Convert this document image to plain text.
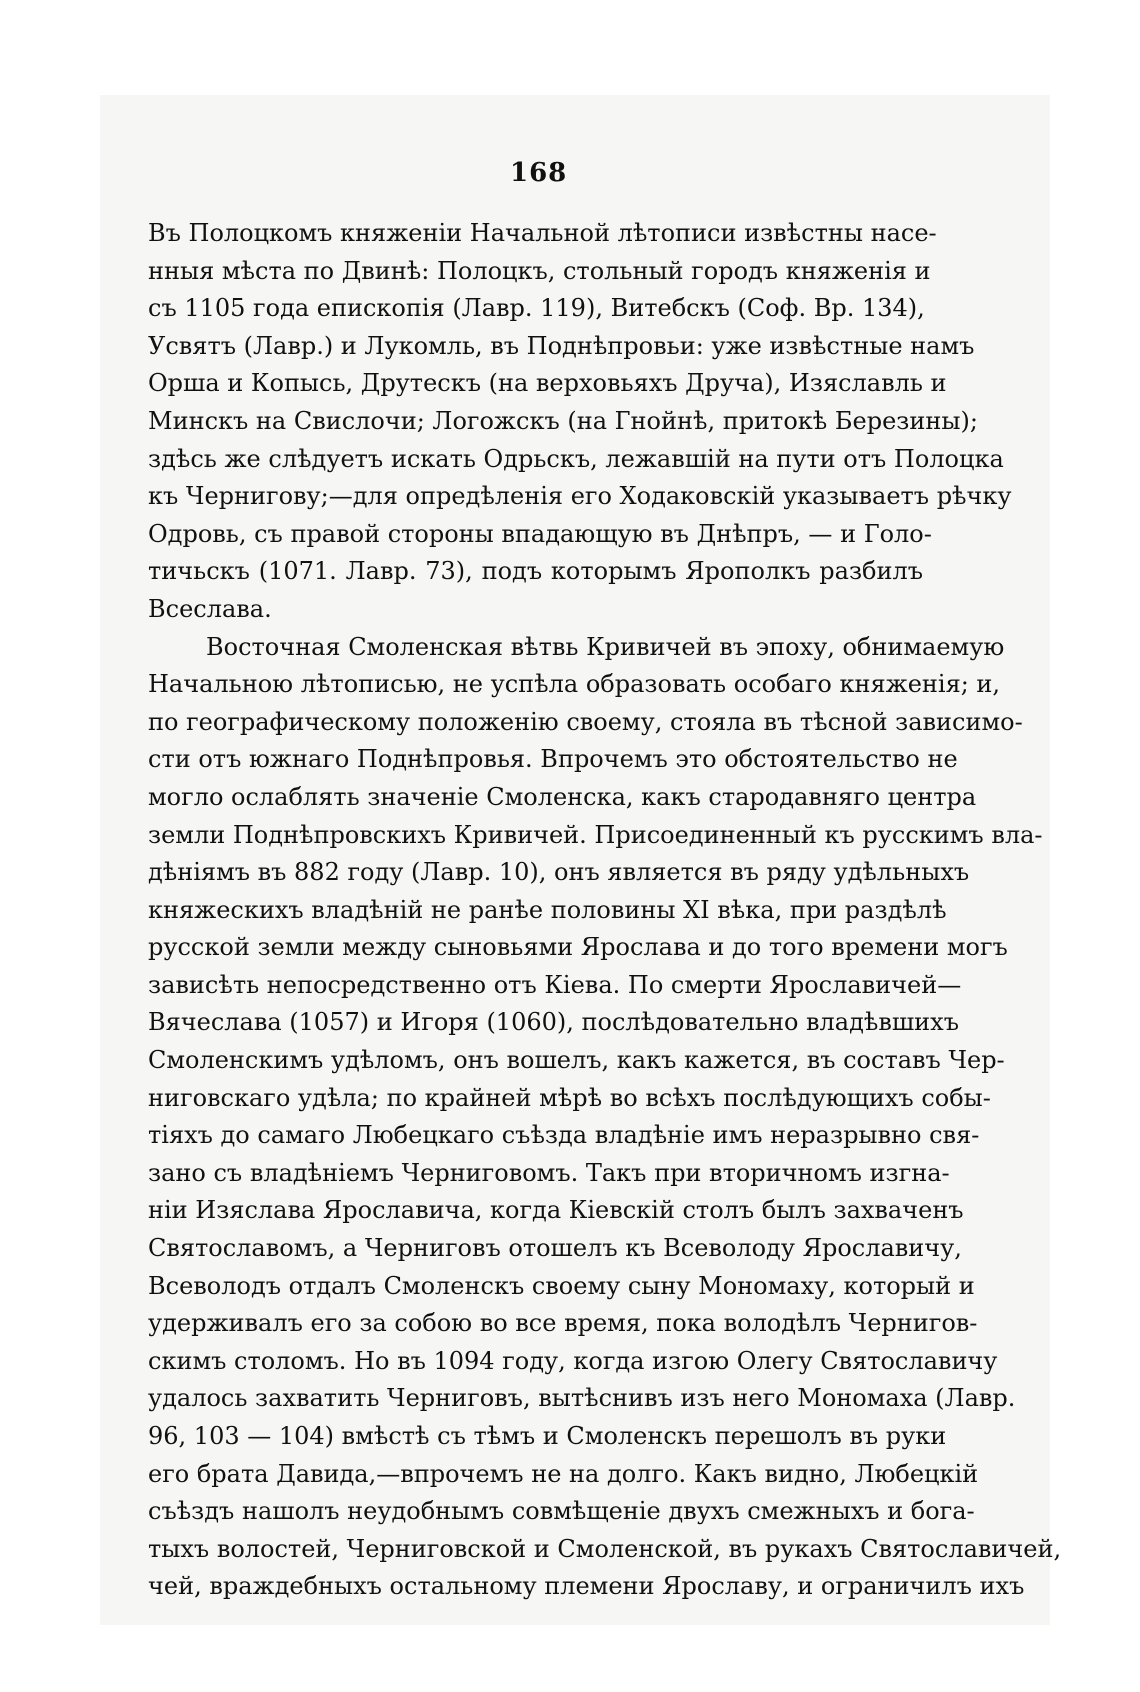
168
Въ Полоцкомъ княженіи Начальной лѣтописи извѣстны насе-
нныя мѣста по Двинѣ: Полоцкъ, стольный городъ княженія и
съ 1105 года епископія (Лавр. 119), Витебскъ (Соф. Вр. 134),
Усвятъ (Лавр.) и Лукомль, въ Поднѣпровьи: уже извѣстные намъ
Орша и Копысь, Друтескъ (на верховьяхъ Друча), Изяславль и
Минскъ на Свислочи; Логожскъ (на Гнойнѣ, притокѣ Березины);
здѣсь же слѣдуетъ искать Одрьскъ, лежавшій на пути отъ Полоцка
къ Чернигову;—для опредѣленія его Ходаковскій указываетъ рѣчку
Одровь, съ правой стороны впадающую въ Днѣпръ, — и Голо-
тичьскъ (1071. Лавр. 73), подъ которымъ Ярополкъ разбилъ
Всеслава.
Восточная Смоленская вѣтвь Кривичей въ эпоху, обнимаемую
Начальною лѣтописью, не успѣла образовать особаго княженія; и,
по географическому положенію своему, стояла въ тѣсной зависимо-
сти отъ южнаго Поднѣпровья. Впрочемъ это обстоятельство не
могло ослаблять значеніе Смоленска, какъ стародавняго центра
земли Поднѣпровскихъ Кривичей. Присоединенный къ русскимъ вла-
дѣніямъ въ 882 году (Лавр. 10), онъ является въ ряду удѣльныхъ
княжескихъ владѣній не ранѣе половины XI вѣка, при раздѣлѣ
русской земли между сыновьями Ярослава и до того времени могъ
зависѣть непосредственно отъ Кіева. По смерти Ярославичей—
Вячеслава (1057) и Игоря (1060), послѣдовательно владѣвшихъ
Смоленскимъ удѣломъ, онъ вошелъ, какъ кажется, въ составъ Чер-
ниговскаго удѣла; по крайней мѣрѣ во всѣхъ послѣдующихъ собы-
тіяхъ до самаго Любецкаго съѣзда владѣніе имъ неразрывно свя-
зано съ владѣніемъ Черниговомъ. Такъ при вторичномъ изгна-
ніи Изяслава Ярославича, когда Кіевскій столъ былъ захваченъ
Святославомъ, а Черниговъ отошелъ къ Всеволоду Ярославичу,
Всеволодъ отдалъ Смоленскъ своему сыну Мономаху, который и
удерживалъ его за собою во все время, пока володѣлъ Чернигов-
скимъ столомъ. Но въ 1094 году, когда изгою Олегу Святославичу
удалось захватить Черниговъ, вытѣснивъ изъ него Мономаха (Лавр.
96, 103 — 104) вмѣстѣ съ тѣмъ и Смоленскъ перешолъ въ руки
его брата Давида,—впрочемъ не на долго. Какъ видно, Любецкій
съѣздъ нашолъ неудобнымъ совмѣщеніе двухъ смежныхъ и бога-
тыхъ волостей, Черниговской и Смоленской, въ рукахъ Святославичей,
чей, враждебныхъ остальному племени Ярославу, и ограничилъ ихъ
